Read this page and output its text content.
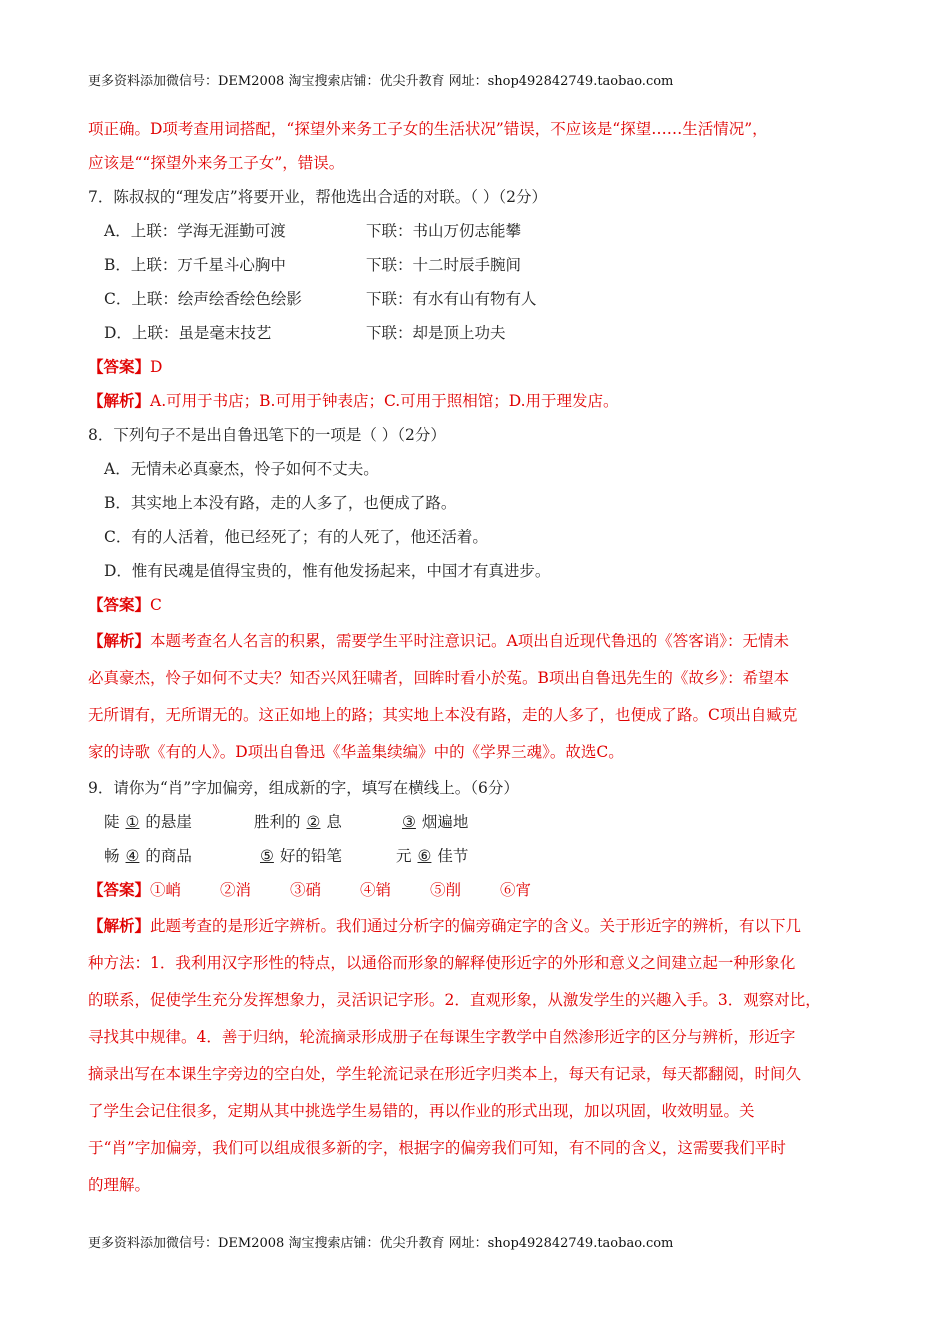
更多资料添加微信号：DEM2008 淘宝搜索店铺：优尖升教育 网址：shop492842749.taobao.com
项正确。D项考查用词搭配，“探望外来务工子女的生活状况”错误，不应该是“探望……生活情况”，
应该是““探望外来务工子女”，错误。
7．陈叔叔的“理发店”将要开业，帮他选出合适的对联。（ ）（2分）
A．上联：学海无涯勤可渡	下联：书山万仞志能攀
B．上联：万千星斗心胸中	下联：十二时辰手腕间
C．上联：绘声绘香绘色绘影	下联：有水有山有物有人
D．上联：虽是毫末技艺	下联：却是顶上功夫
【答案】D
【解析】A.可用于书店；B.可用于钟表店；C.可用于照相馆；D.用于理发店。
8．下列句子不是出自鲁迅笔下的一项是（ ）（2分）
A．无情未必真豪杰，怜子如何不丈夫。
B．其实地上本没有路，走的人多了，也便成了路。
C．有的人活着，他已经死了；有的人死了，他还活着。
D．惟有民魂是值得宝贵的，惟有他发扬起来，中国才有真进步。
【答案】C
【解析】本题考查名人名言的积累，需要学生平时注意识记。A项出自近现代鲁迅的《答客诮》：无情未
必真豪杰，怜子如何不丈夫？知否兴风狂啸者，回眸时看小於菟。B项出自鲁迅先生的《故乡》：希望本
无所谓有，无所谓无的。这正如地上的路；其实地上本没有路，走的人多了，也便成了路。C项出自臧克
家的诗歌《有的人》。D项出自鲁迅《华盖集续编》中的《学界三魂》。故选C。
9．请你为“肖”字加偏旁，组成新的字，填写在横线上。（6分）
陡 ① 的悬崖	胜利的 ② 息	③ 烟遍地
畅 ④ 的商品	⑤ 好的铅笔	元 ⑥ 佳节
【答案】 ①峭	②消	③硝	④销	⑤削	⑥宵
【解析】此题考查的是形近字辨析。我们通过分析字的偏旁确定字的含义。关于形近字的辨析，有以下几
种方法：1．我利用汉字形性的特点，以通俗而形象的解释使形近字的外形和意义之间建立起一种形象化
的联系，促使学生充分发挥想象力，灵活识记字形。2．直观形象，从激发学生的兴趣入手。3．观察对比，
寻找其中规律。4．善于归纳，轮流摘录形成册子在每课生字教学中自然渗形近字的区分与辨析，形近字
摘录出写在本课生字旁边的空白处，学生轮流记录在形近字归类本上，每天有记录，每天都翻阅，时间久
了学生会记住很多，定期从其中挑选学生易错的，再以作业的形式出现，加以巩固，收效明显。关
于“肖”字加偏旁，我们可以组成很多新的字，根据字的偏旁我们可知，有不同的含义，这需要我们平时
的理解。
更多资料添加微信号：DEM2008 淘宝搜索店铺：优尖升教育 网址：shop492842749.taobao.com
